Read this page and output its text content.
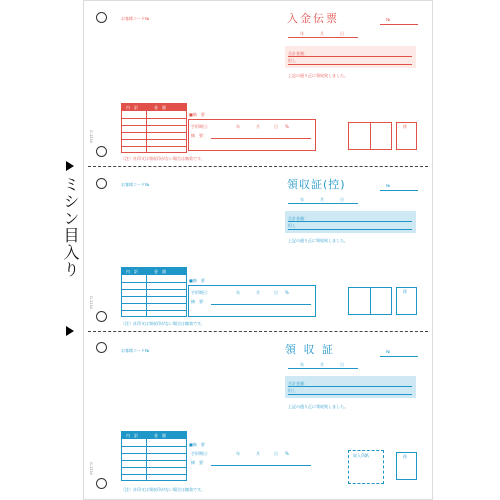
ミシン目入り
G-1234
G-1234
G-1234
お客様コード№	入金伝票	№
年	月	日
合計金額：
但し
上記の通り正に領収致しました。
内　訳	金　額
■摘　要
手形期日：	年	月	日 %
摘　要：
係
（注）社印又は領収印がない場合は無効です。
お客様コード№	領収証(控)	№
年	月	日
合計金額：
但し
上記の通り正に領収致しました。
内　訳	金　額
■摘　要
手形期日：	年	月	日 %
摘　要：
係
（注）社印又は領収印がない場合は無効です。
お客様コード№	領 収 証	№
年	月	日
合計金額：
但し
上記の通り正に領収致しました。
内　訳	金　額
■摘　要
手形期日：	年	月	日 %
摘　要：
収入印紙	係
（注）社印又は領収印がない場合は無効です。
